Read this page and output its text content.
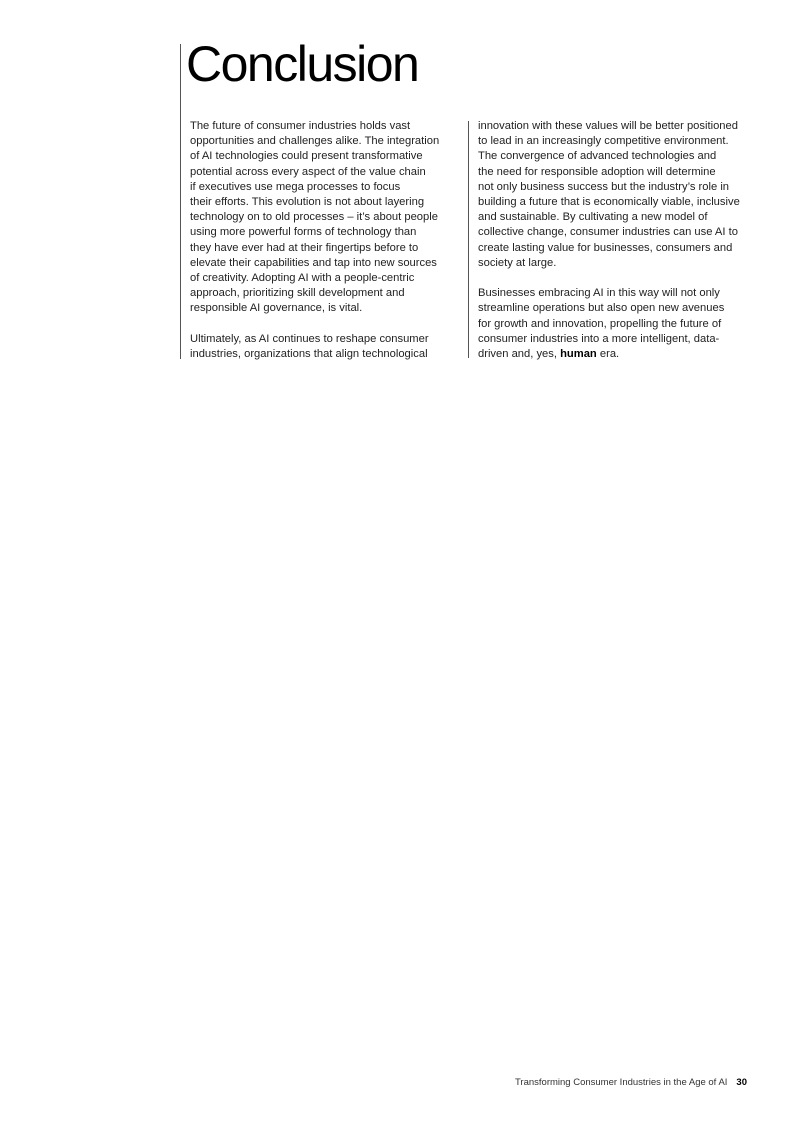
Conclusion

The future of consumer industries holds vast
opportunities and challenges alike. The integration
of AI technologies could present transformative
potential across every aspect of the value chain
if executives use mega processes to focus
their efforts. This evolution is not about layering
technology on to old processes – it’s about people
using more powerful forms of technology than
they have ever had at their fingertips before to
elevate their capabilities and tap into new sources
of creativity. Adopting AI with a people-centric
approach, prioritizing skill development and
responsible AI governance, is vital.

Ultimately, as AI continues to reshape consumer
industries, organizations that align technological

innovation with these values will be better positioned
to lead in an increasingly competitive environment.
The convergence of advanced technologies and
the need for responsible adoption will determine
not only business success but the industry’s role in
building a future that is economically viable, inclusive
and sustainable. By cultivating a new model of
collective change, consumer industries can use AI to
create lasting value for businesses, consumers and
society at large.

Businesses embracing AI in this way will not only
streamline operations but also open new avenues
for growth and innovation, propelling the future of
consumer industries into a more intelligent, data-
driven and, yes, human era.

Transforming Consumer Industries in the Age of AI 30
